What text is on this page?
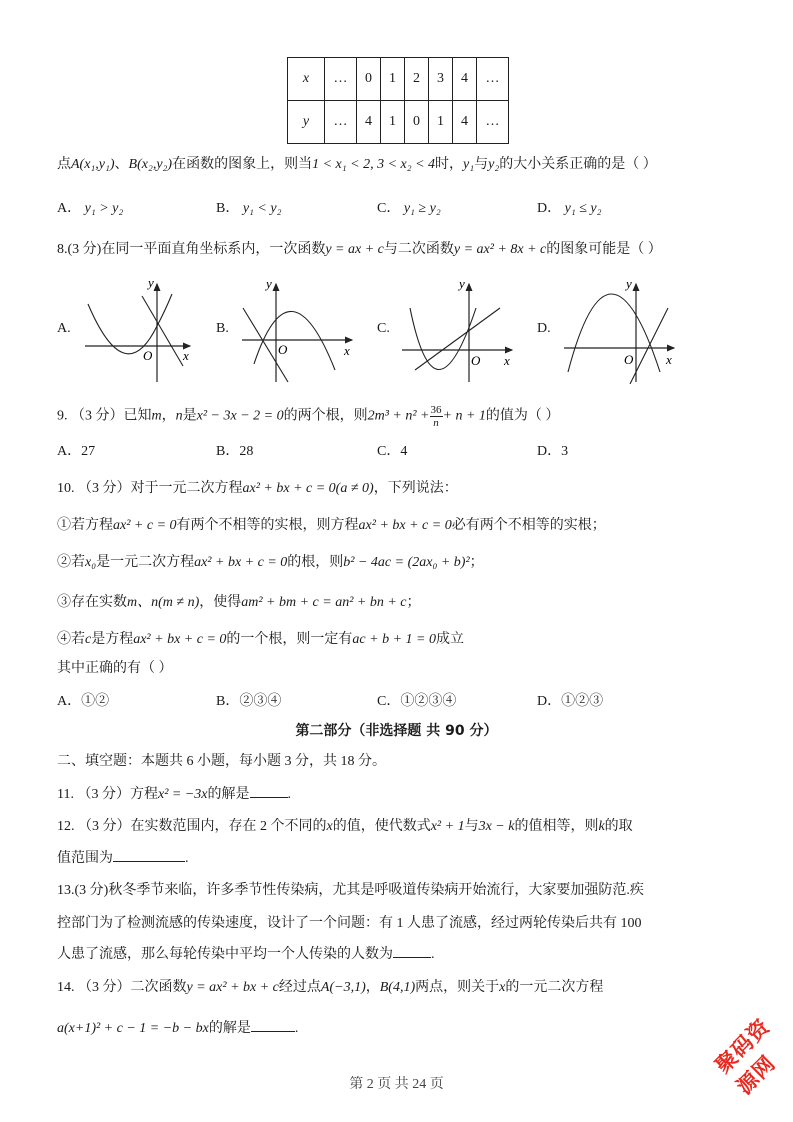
x	…	0	1	2	3	4	…
y	…	4	1	0	1	4	…
点A(x₁,y₁)、B(x₂,y₂)在函数的图象上，则当1 < x₁ < 2, 3 < x₂ < 4时，y₁与y₂的大小关系正确的是（ ）
A． y₁ > y₂	B． y₁ < y₂	C． y₁ ≥ y₂	D． y₁ ≤ y₂
8.(3 分)在同一平面直角坐标系内，一次函数y = ax + c与二次函数y = ax² + 8x + c的图象可能是（ ）
A.	B.	C.	D.
y
x
O
y
x
O
y
x
O
y
x
O
9. （3 分）已知m，n是x² − 3x − 2 = 0的两个根，则$2m^3 + n^2 + \frac{36}{n} + n + 1$的值为（ ）
A．27	B．28	C．4	D．3
10. （3 分）对于一元二次方程ax² + bx + c = 0(a ≠ 0)，下列说法：
①若方程ax² + c = 0有两个不相等的实根，则方程ax² + bx + c = 0必有两个不相等的实根；
②若x₀是一元二次方程ax² + bx + c = 0的根，则b² − 4ac = (2ax₀ + b)²；
③存在实数m、n(m ≠ n)，使得am² + bm + c = an² + bn + c；
④若c是方程ax² + bx + c = 0的一个根，则一定有ac + b + 1 = 0成立
其中正确的有（ ）
A．①②	B．②③④	C．①②③④	D．①②③
第二部分（非选择题 共 90 分）
二、填空题：本题共 6 小题，每小题 3 分，共 18 分。
11. （3 分）方程x² = −3x的解是	.
12. （3 分）在实数范围内，存在 2 个不同的x的值，使代数式x² + 1与3x − k的值相等，则k的取
值范围为	.
13.(3 分)秋冬季节来临，许多季节性传染病，尤其是呼吸道传染病开始流行，大家要加强防范.疾
控部门为了检测流感的传染速度，设计了一个问题：有 1 人患了流感，经过两轮传染后共有 100
人患了流感，那么每轮传染中平均一个人传染的人数为	.
14. （3 分）二次函数y = ax² + bx + c经过点A(−3,1)，B(4,1)两点，则关于x的一元二次方程
a(x+1)² + c − 1 = −b − bx的解是	.
第 2 页 共 24 页
聚码资源网
